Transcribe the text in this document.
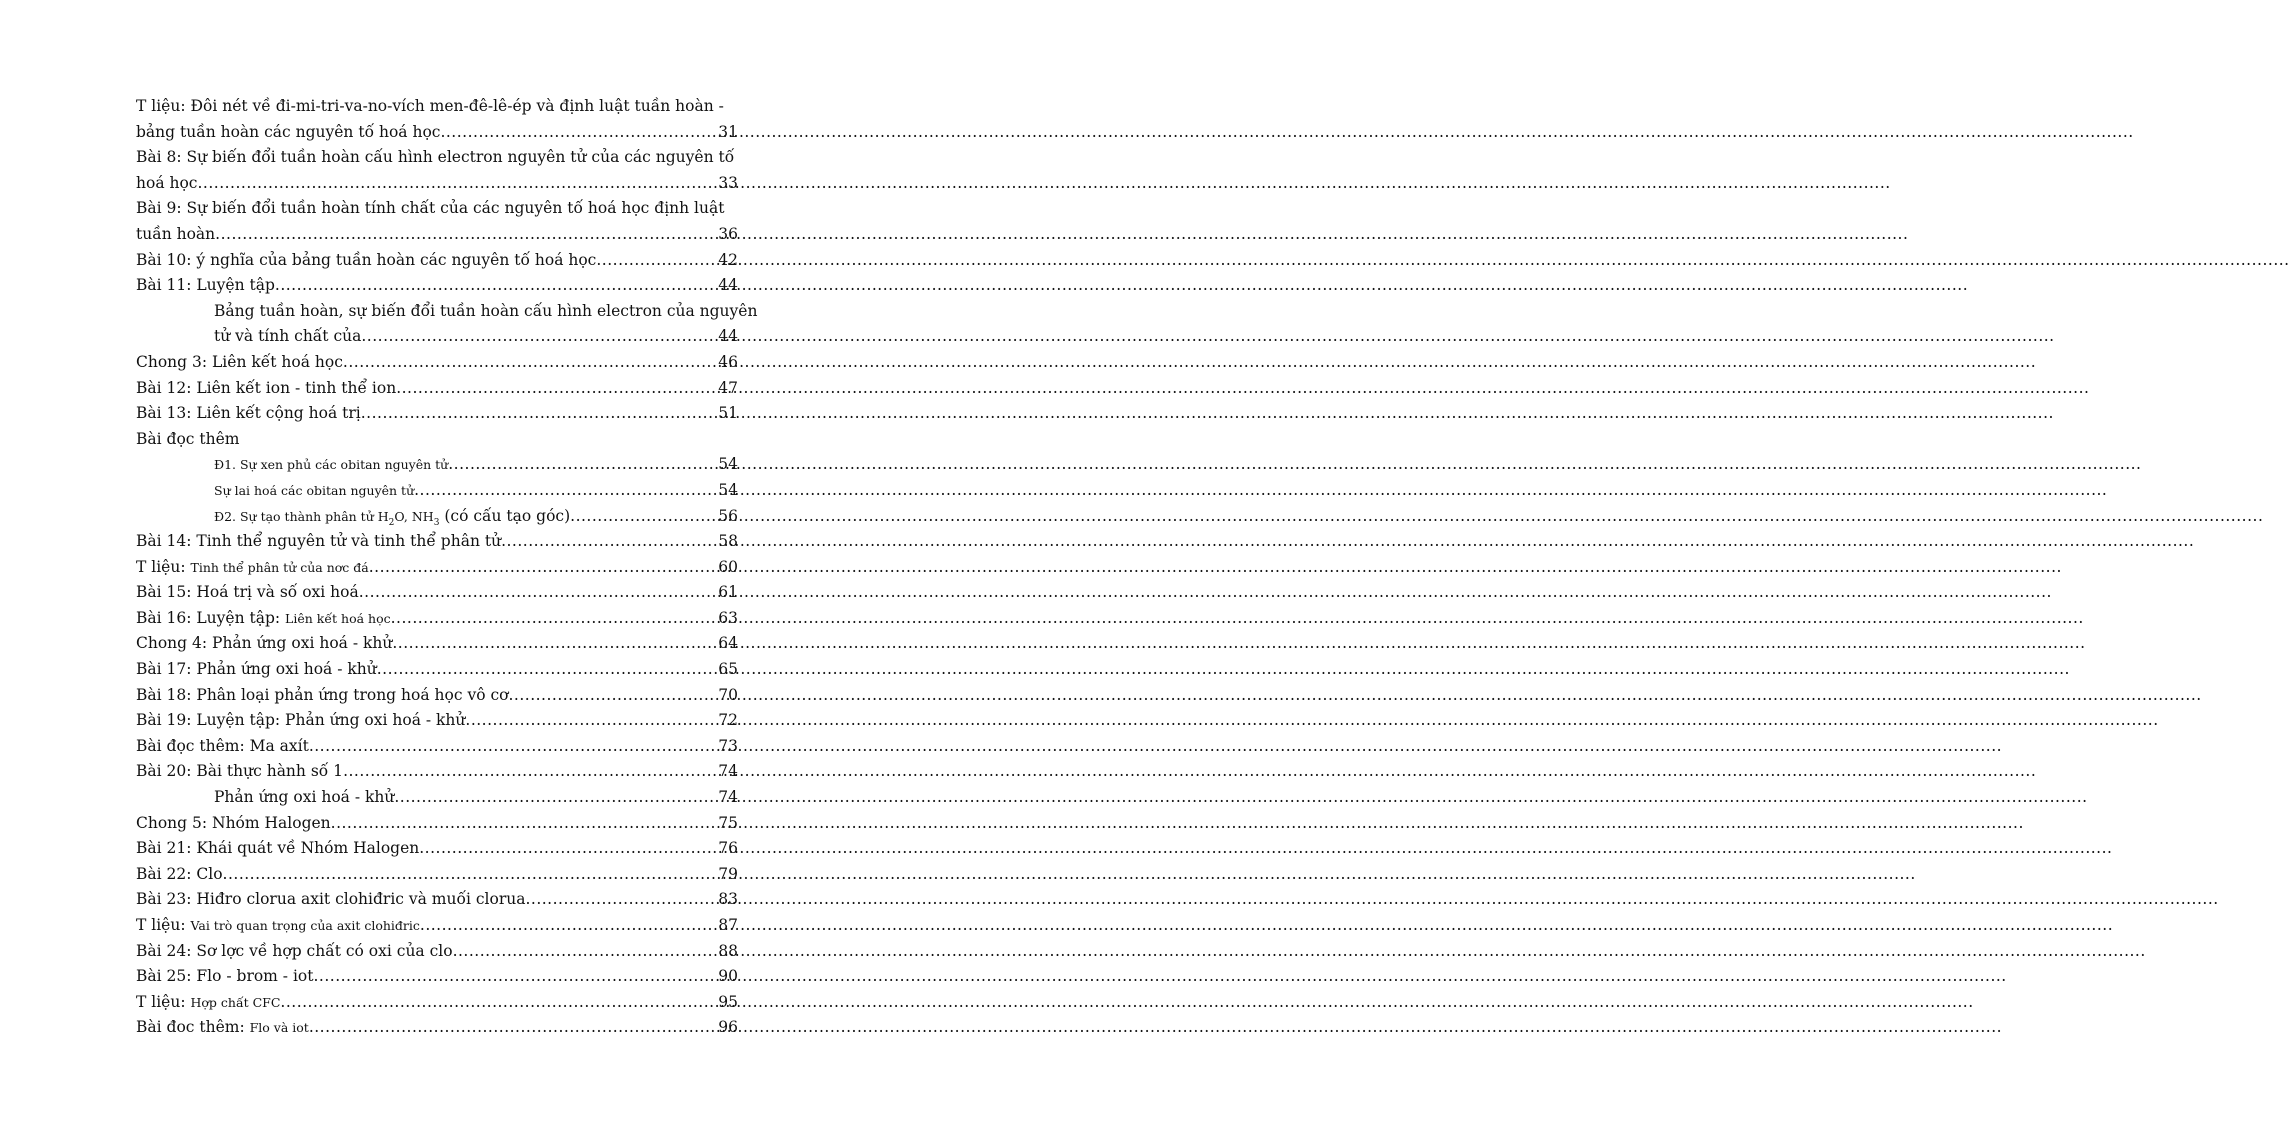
T liệu: Đôi nét về đi-mi-tri-va-no-vích men-đê-lê-ép và định luật tuần hoàn -
bảng tuần hoàn các nguyên tố hoá học .....	31
Bài 8: Sự biến đổi tuần hoàn cấu hình electron nguyên tử của các nguyên tố
hoá học .....	33
Bài 9: Sự biến đổi tuần hoàn tính chất của các nguyên tố hoá học định luật
tuần hoàn .....	36
Bài 10: ý nghĩa của bảng tuần hoàn các nguyên tố hoá học .....	42
Bài 11: Luyện tập .....	44
Bảng tuần hoàn, sự biến đổi tuần hoàn cấu hình electron của nguyên
tử và tính chất của .....	44
Chong 3: Liên kết hoá học .....	46
Bài 12: Liên kết ion - tinh thể ion .....	47
Bài 13: Liên kết cộng hoá trị .....	51
Bài đọc thêm
Đ1. Sự xen phủ các obitan nguyên tử .....	54
Sự lai hoá các obitan nguyên tử .....	54
Đ2. Sự tạo thành phân tử $H_2O$, $NH_3$ (có cấu tạo góc) .....	56
Bài 14: Tinh thể nguyên tử và tinh thể phân tử .....	58
T liệu: Tinh thể phân tử của nơc đá .....	60
Bài 15: Hoá trị và số oxi hoá .....	61
Bài 16: Luyện tập: Liên kết hoá học .....	63
Chong 4: Phản ứng oxi hoá - khử .....	64
Bài 17: Phản ứng oxi hoá - khử .....	65
Bài 18: Phân loại phản ứng trong hoá học vô cơ .....	70
Bài 19: Luyện tập: Phản ứng oxi hoá - khử .....	72
Bài đọc thêm: Ma axít .....	73
Bài 20: Bài thực hành số 1 .....	74
Phản ứng oxi hoá - khử .....	74
Chong 5: Nhóm Halogen .....	75
Bài 21: Khái quát về Nhóm Halogen .....	76
Bài 22: Clo .....	79
Bài 23: Hiđro clorua axit clohiđric và muối clorua .....	83
T liệu: Vai trò quan trọng của axit clohiđric .....	87
Bài 24: Sơ lợc về hợp chất có oxi của clo .....	88
Bài 25: Flo - brom - iot .....	90
T liệu: Hợp chất CFC .....	95
Bài đoc thêm: Flo và iot .....	96
